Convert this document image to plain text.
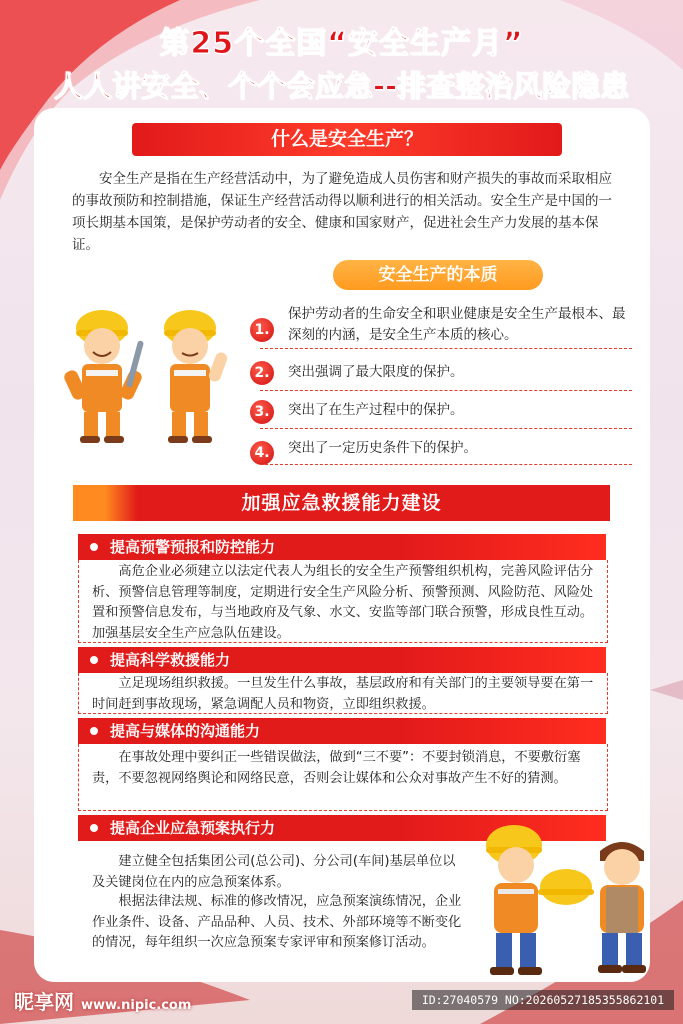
第25个全国“安全生产月”
人人讲安全、个个会应急--排查整治风险隐患
什么是安全生产？
安全生产是指在生产经营活动中，为了避免造成人员伤害和财产损失的事故而采取相应的事故预防和控制措施，保证生产经营活动得以顺利进行的相关活动。安全生产是中国的一项长期基本国策，是保护劳动者的安全、健康和国家财产，促进社会生产力发展的基本保证。
安全生产的本质
1.
保护劳动者的生命安全和职业健康是安全生产最根本、最深刻的内涵，是安全生产本质的核心。
2.	突出强调了最大限度的保护。
3.	突出了在生产过程中的保护。
4.	突出了一定历史条件下的保护。
加强应急救援能力建设
提高预警预报和防控能力
高危企业必须建立以法定代表人为组长的安全生产预警组织机构，完善风险评估分析、预警信息管理等制度，定期进行安全生产风险分析、预警预测、风险防范、风险处置和预警信息发布，与当地政府及气象、水文、安监等部门联合预警，形成良性互动。加强基层安全生产应急队伍建设。
提高科学救援能力
立足现场组织救援。一旦发生什么事故，基层政府和有关部门的主要领导要在第一时间赶到事故现场，紧急调配人员和物资，立即组织救援。
提高与媒体的沟通能力
在事故处理中要纠正一些错误做法，做到“三不要”：不要封锁消息，不要敷衍塞责，不要忽视网络舆论和网络民意，否则会让媒体和公众对事故产生不好的猜测。
提高企业应急预案执行力
建立健全包括集团公司(总公司)、分公司(车间)基层单位以及关键岗位在内的应急预案体系。
根据法律法规、标准的修改情况，应急预案演练情况，企业作业条件、设备、产品品种、人员、技术、外部环境等不断变化的情况，每年组织一次应急预案专家评审和预案修订活动。
昵享网 www.nipic.com	ID:27040579 NO:20260527185355862101
